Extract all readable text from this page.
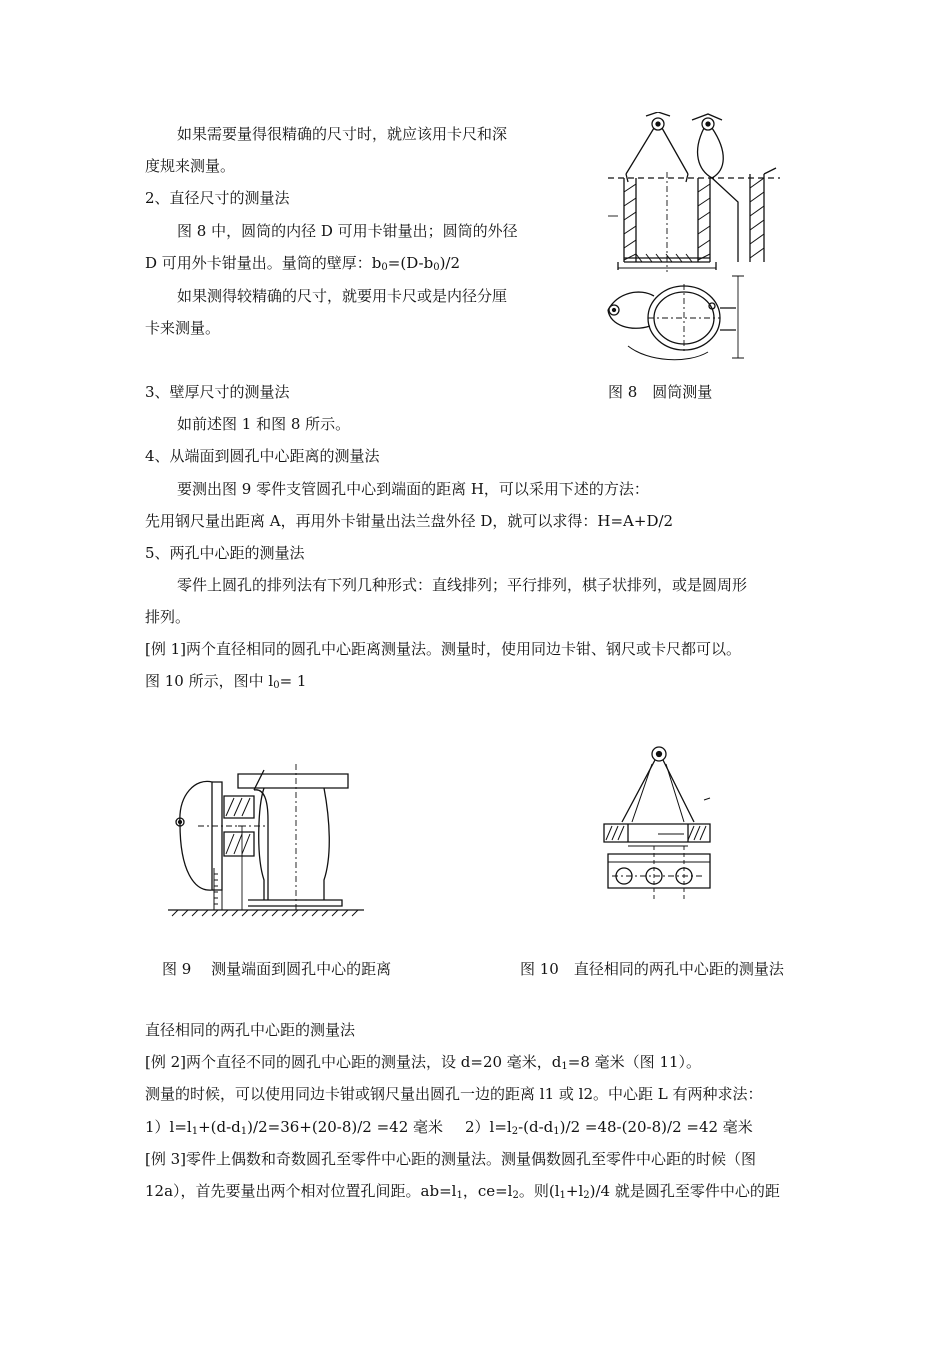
如果需要量得很精确的尺寸时，就应该用卡尺和深
度规来测量。
2、直径尺寸的测量法
图 8 中，圆筒的内径 D 可用卡钳量出；圆筒的外径
D 可用外卡钳量出。量筒的壁厚：$b_0=(D-b_0)/2$
如果测得较精确的尺寸，就要用卡尺或是内径分厘
卡来测量。
3、壁厚尺寸的测量法	图 8　圆筒测量
如前述图 1 和图 8 所示。
4、从端面到圆孔中心距离的测量法
要测出图 9 零件支管圆孔中心到端面的距离 H，可以采用下述的方法：
先用钢尺量出距离 A，再用外卡钳量出法兰盘外径 D，就可以求得：H=A+D/2
5、两孔中心距的测量法
零件上圆孔的排列法有下列几种形式：直线排列；平行排列，棋子状排列，或是圆周形
排列。
[例 1]两个直径相同的圆孔中心距离测量法。测量时，使用同边卡钳、钢尺或卡尺都可以。
图 10 所示，图中 $l_0= 1$
图 9　 测量端面到圆孔中心的距离	图 10　直径相同的两孔中心距的测量法
直径相同的两孔中心距的测量法
[例 2]两个直径不同的圆孔中心距的测量法，设 d=20 毫米，$d_1=8$ 毫米（图 11）。
测量的时候，可以使用同边卡钳或钢尺量出圆孔一边的距离 l1 或 l2。中心距 L 有两种求法：
$1)l=l_1+(d-d_1)/2=36+(20-8)/2 =42$ 毫米 $2)l=l_2-(d-d_1)/2 =48-(20-8)/2 =42$ 毫米
[例 3]零件上偶数和奇数圆孔至零件中心距的测量法。测量偶数圆孔至零件中心距的时候（图
12a），首先要量出两个相对位置孔间距。$ab=l_1$，$ce=l_2$。则$(l_1+l_2)/4$ 就是圆孔至零件中心的距
